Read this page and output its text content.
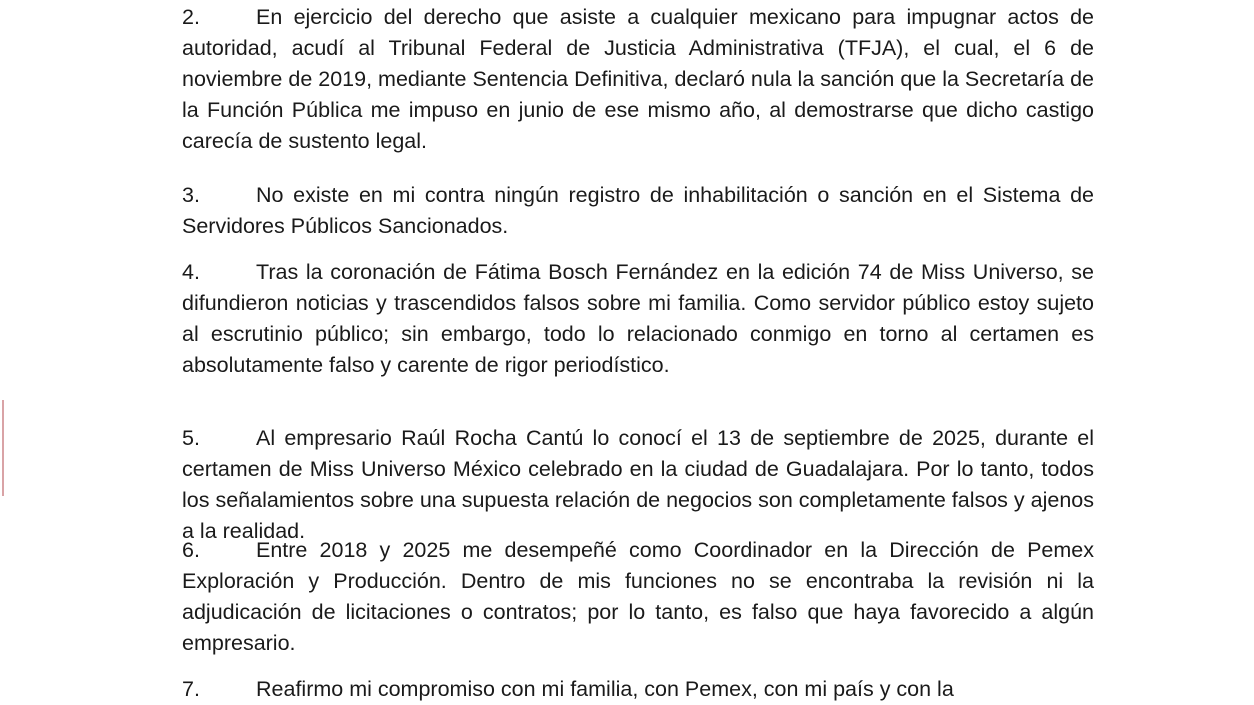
2.	En ejercicio del derecho que asiste a cualquier mexicano para impugnar actos de autoridad, acudí al Tribunal Federal de Justicia Administrativa (TFJA), el cual, el 6 de noviembre de 2019, mediante Sentencia Definitiva, declaró nula la sanción que la Secretaría de la Función Pública me impuso en junio de ese mismo año, al demostrarse que dicho castigo carecía de sustento legal.

3.	No existe en mi contra ningún registro de inhabilitación o sanción en el Sistema de Servidores Públicos Sancionados.

4.	Tras la coronación de Fátima Bosch Fernández en la edición 74 de Miss Universo, se difundieron noticias y trascendidos falsos sobre mi familia. Como servidor público estoy sujeto al escrutinio público; sin embargo, todo lo relacionado conmigo en torno al certamen es absolutamente falso y carente de rigor periodístico.

5.	Al empresario Raúl Rocha Cantú lo conocí el 13 de septiembre de 2025, durante el certamen de Miss Universo México celebrado en la ciudad de Guadalajara. Por lo tanto, todos los señalamientos sobre una supuesta relación de negocios son completamente falsos y ajenos a la realidad.

6.	Entre 2018 y 2025 me desempeñé como Coordinador en la Dirección de Pemex Exploración y Producción. Dentro de mis funciones no se encontraba la revisión ni la adjudicación de licitaciones o contratos; por lo tanto, es falso que haya favorecido a algún empresario.

7.	Reafirmo mi compromiso con mi familia, con Pemex, con mi país y con la
